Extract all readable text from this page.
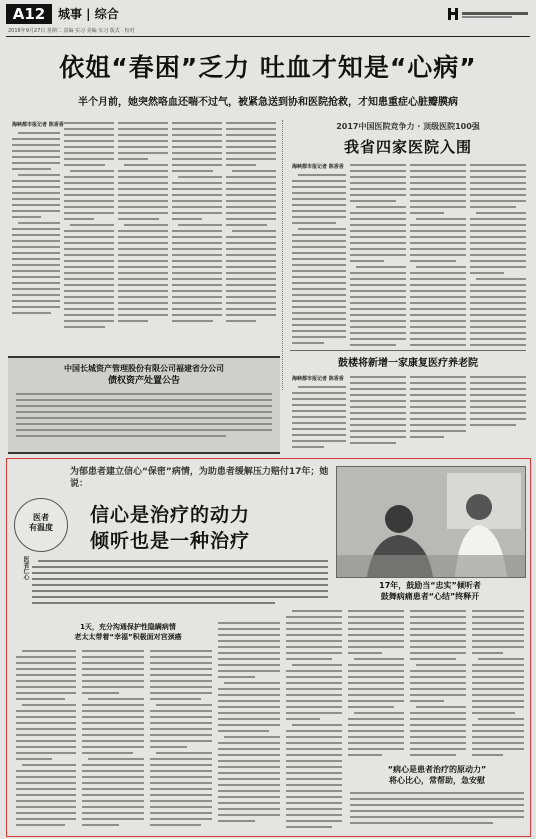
A12	城事 | 综合
2016年9月27日 星期二 责编 实习 美编 实习 版式 · 校对
依姐“春困”乏力 吐血才知是“心病”
半个月前，她突然咯血还喘不过气，被紧急送到协和医院抢救，才知患重症心脏瓣膜病
海峡都市报记者 陈香香	2017中国医院竞争力 · 顶级医院100强
我省四家医院入围
海峡都市报记者 陈香香
鼓楼将新增一家康复医疗养老院
海峡都市报记者 陈香香
中国长城资产管理股份有限公司福建省分公司
债权资产处置公告
为郁患者建立信心“保密”病情，为助患者缓解压力赔付17年；她说：
医者
有温度
医者仁心
信心是治疗的动力
倾听也是一种治疗
17年，鼓励当“忠实”倾听者
鼓舞病痛患者“心结”终释开
1天，充分沟通保护性隐瞒病情
老太太带着“幸福”积极面对宫颈癌
“病心是患者治疗的原动力”
将心比心，常帮助，急安慰
